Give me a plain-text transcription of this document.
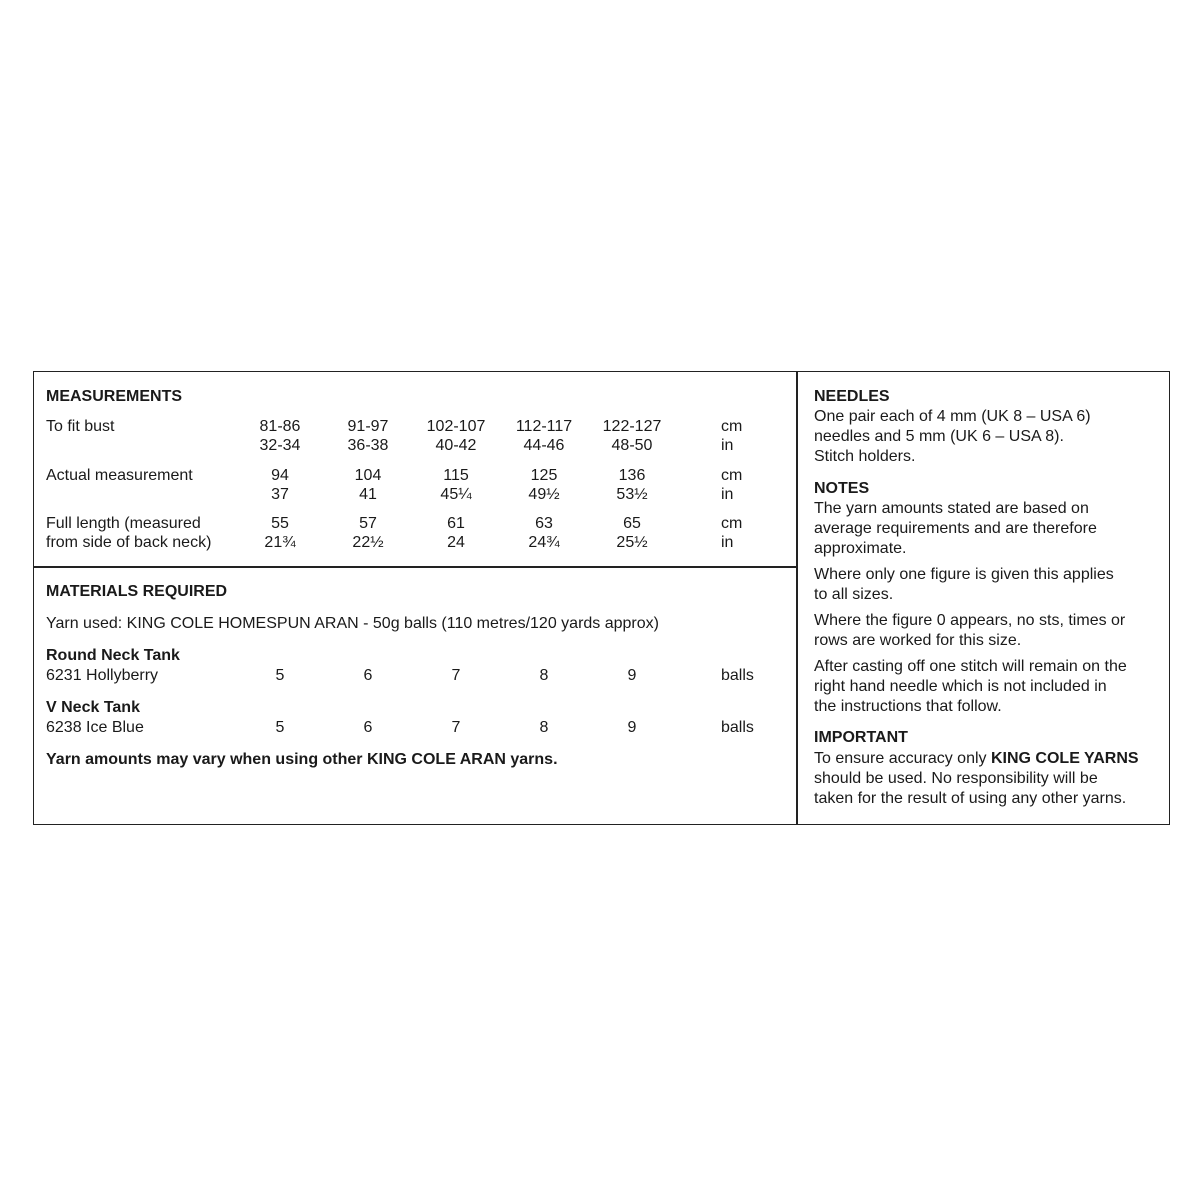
MEASUREMENTS
To fit bust	81-86	91-97	102-107	112-117	122-127	cm
32-34	36-38	40-42	44-46	48-50	in
Actual measurement	94	104	115	125	136	cm
37	41	45¼	49½	53½	in
Full length (measured
from side of back neck)
55	57	61	63	65	cm
21¾	22½	24	24¾	25½	in
MATERIALS REQUIRED
Yarn used: KING COLE HOMESPUN ARAN - 50g balls (110 metres/120 yards approx)
Round Neck Tank
6231 Hollyberry	5	6	7	8	9	balls
V Neck Tank
6238 Ice Blue	5	6	7	8	9	balls
Yarn amounts may vary when using other KING COLE ARAN yarns.
NEEDLES
One pair each of 4 mm (UK 8 – USA 6)
needles and 5 mm (UK 6 – USA 8).
Stitch holders.
NOTES
The yarn amounts stated are based on
average requirements and are therefore
approximate.
Where only one figure is given this applies
to all sizes.
Where the figure 0 appears, no sts, times or
rows are worked for this size.
After casting off one stitch will remain on the
right hand needle which is not included in
the instructions that follow.
IMPORTANT
To ensure accuracy only KING COLE YARNS
should be used. No responsibility will be
taken for the result of using any other yarns.
